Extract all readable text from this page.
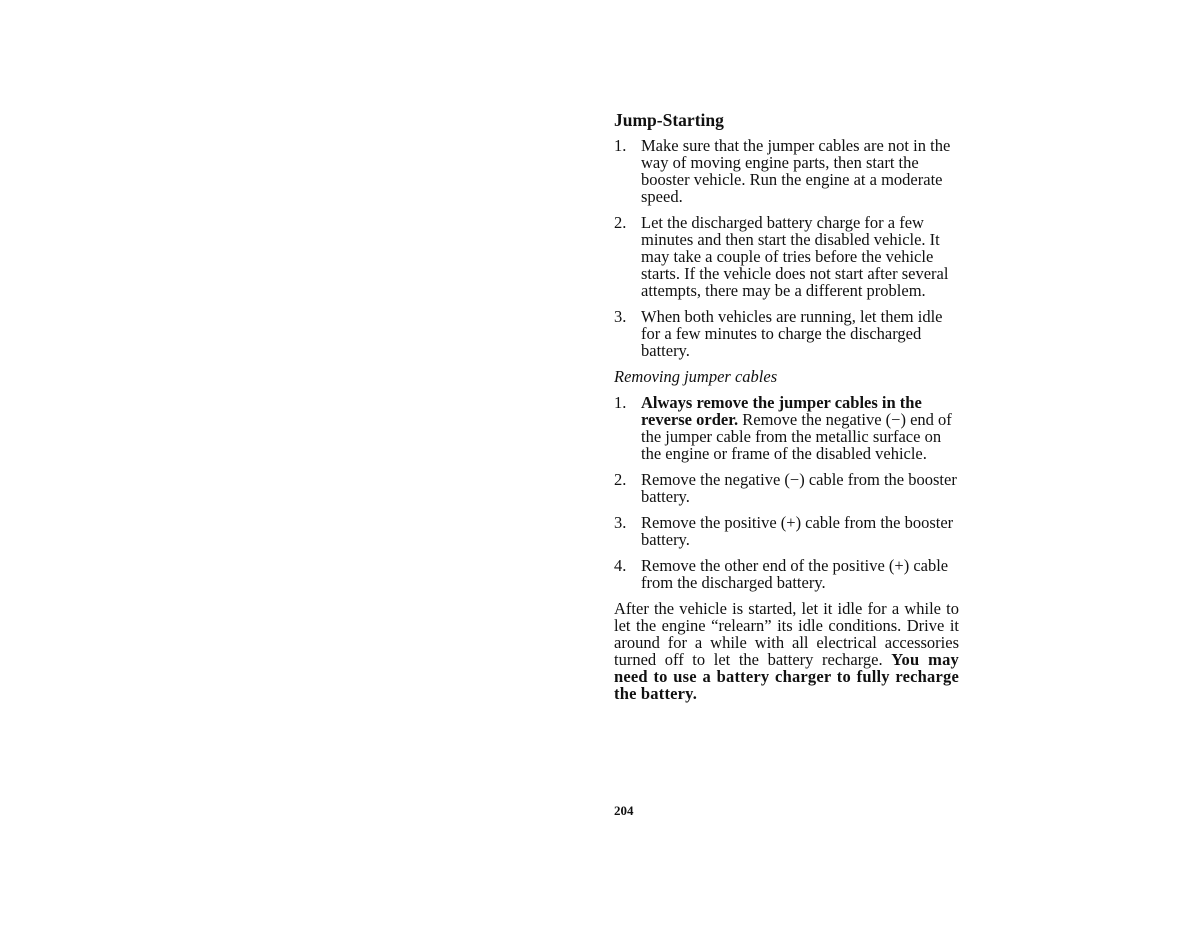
Jump-Starting
1. Make sure that the jumper cables are not in the way of moving engine parts, then start the booster vehicle. Run the engine at a moderate speed.
2. Let the discharged battery charge for a few minutes and then start the disabled vehicle. It may take a couple of tries before the vehicle starts. If the vehicle does not start after several attempts, there may be a different problem.
3. When both vehicles are running, let them idle for a few minutes to charge the discharged battery.
Removing jumper cables
1. Always remove the jumper cables in the reverse order. Remove the negative (−) end of the jumper cable from the metallic surface on the engine or frame of the disabled vehicle.
2. Remove the negative (−) cable from the booster battery.
3. Remove the positive (+) cable from the booster battery.
4. Remove the other end of the positive (+) cable from the discharged battery.

After the vehicle is started, let it idle for a while to let the engine “relearn” its idle conditions. Drive it around for a while with all electrical accessories turned off to let the battery recharge. You may need to use a battery charger to fully recharge the battery.

204
